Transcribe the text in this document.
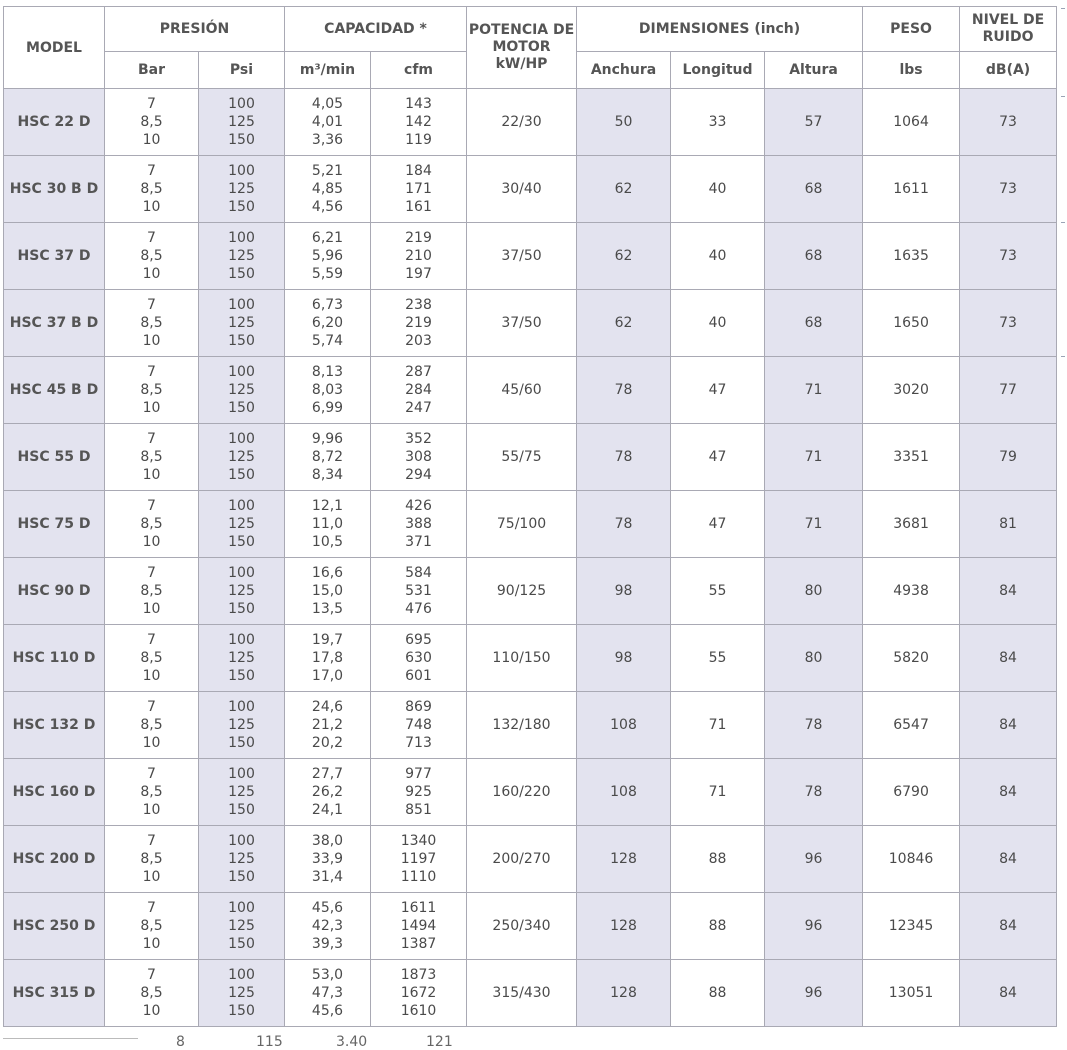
MODEL	PRESIÓN		CAPACIDAD *		POTENCIA DE MOTOR kW/HP	DIMENSIONES (inch)			PESO	NIVEL DE RUIDO
	Bar	Psi	m³/min	cfm		Anchura	Longitud	Altura	lbs	dB(A)
HSC 22 D	7
8,5
10	100
125
150	4,05
4,01
3,36	143
142
119	22/30	50	33	57	1064	73
HSC 30 B D	7
8,5
10	100
125
150	5,21
4,85
4,56	184
171
161	30/40	62	40	68	1611	73
HSC 37 D	7
8,5
10	100
125
150	6,21
5,96
5,59	219
210
197	37/50	62	40	68	1635	73
HSC 37 B D	7
8,5
10	100
125
150	6,73
6,20
5,74	238
219
203	37/50	62	40	68	1650	73
HSC 45 B D	7
8,5
10	100
125
150	8,13
8,03
6,99	287
284
247	45/60	78	47	71	3020	77
HSC 55 D	7
8,5
10	100
125
150	9,96
8,72
8,34	352
308
294	55/75	78	47	71	3351	79
HSC 75 D	7
8,5
10	100
125
150	12,1
11,0
10,5	426
388
371	75/100	78	47	71	3681	81
HSC 90 D	7
8,5
10	100
125
150	16,6
15,0
13,5	584
531
476	90/125	98	55	80	4938	84
HSC 110 D	7
8,5
10	100
125
150	19,7
17,8
17,0	695
630
601	110/150	98	55	80	5820	84
HSC 132 D	7
8,5
10	100
125
150	24,6
21,2
20,2	869
748
713	132/180	108	71	78	6547	84
HSC 160 D	7
8,5
10	100
125
150	27,7
26,2
24,1	977
925
851	160/220	108	71	78	6790	84
HSC 200 D	7
8,5
10	100
125
150	38,0
33,9
31,4	1340
1197
1110	200/270	128	88	96	10846	84
HSC 250 D	7
8,5
10	100
125
150	45,6
42,3
39,3	1611
1494
1387	250/340	128	88	96	12345	84
HSC 315 D	7
8,5
10	100
125
150	53,0
47,3
45,6	1873
1672
1610	315/430	128	88	96	13051	84
8	115	3.40	121
